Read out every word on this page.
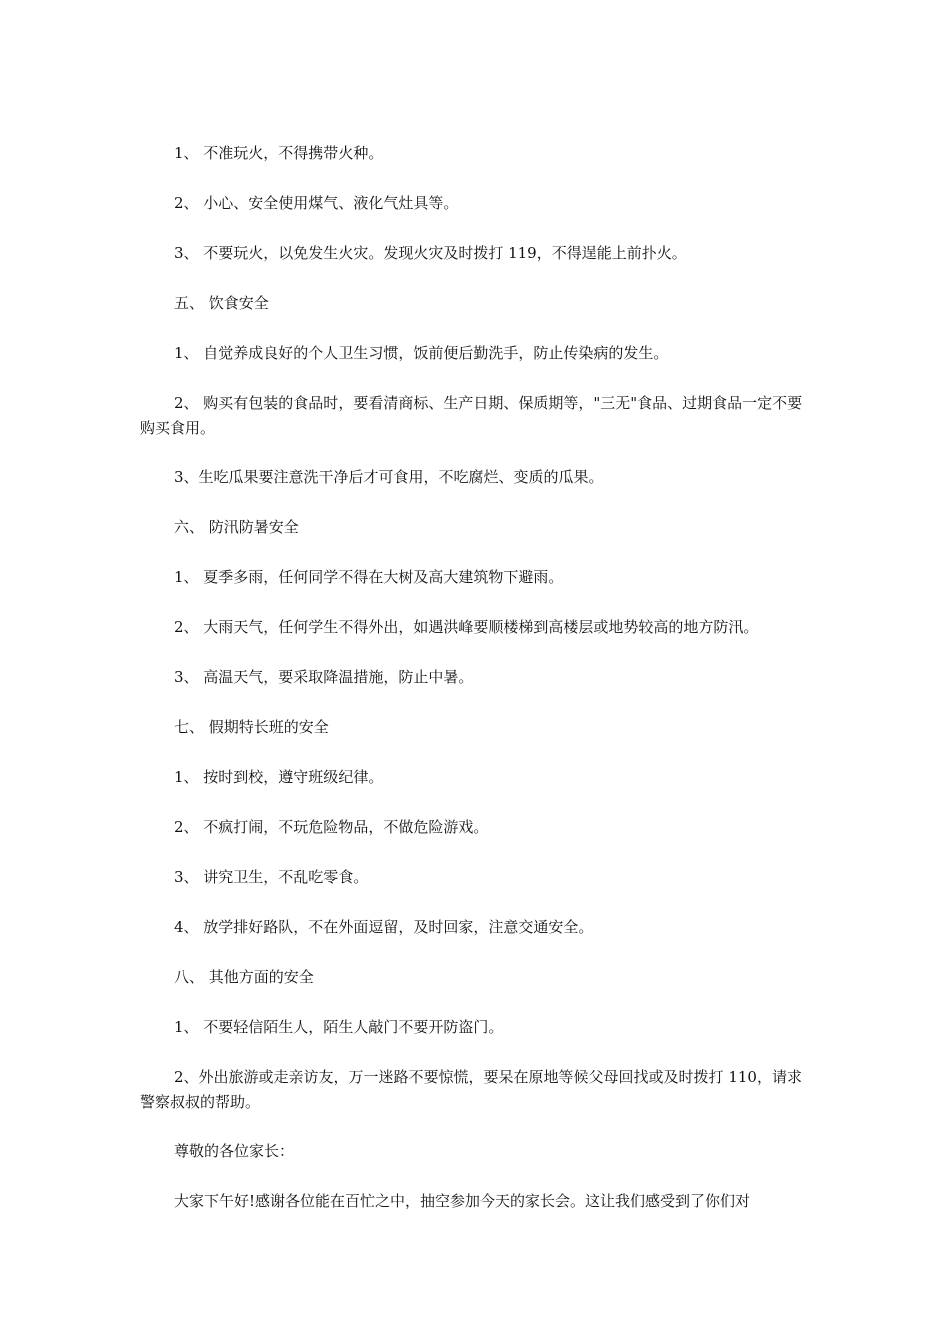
1、 不准玩火，不得携带火种。

2、 小心、安全使用煤气、液化气灶具等。

3、 不要玩火，以免发生火灾。发现火灾及时拨打 119，不得逞能上前扑火。

五、 饮食安全

1、 自觉养成良好的个人卫生习惯，饭前便后勤洗手，防止传染病的发生。

2、 购买有包装的食品时，要看清商标、生产日期、保质期等，"三无"食品、过期食品一定不要购买食用。

3、生吃瓜果要注意洗干净后才可食用，不吃腐烂、变质的瓜果。

六、 防汛防暑安全

1、 夏季多雨，任何同学不得在大树及高大建筑物下避雨。

2、 大雨天气，任何学生不得外出，如遇洪峰要顺楼梯到高楼层或地势较高的地方防汛。

3、 高温天气，要采取降温措施，防止中暑。

七、 假期特长班的安全

1、 按时到校，遵守班级纪律。

2、 不疯打闹，不玩危险物品，不做危险游戏。

3、 讲究卫生，不乱吃零食。

4、 放学排好路队，不在外面逗留，及时回家，注意交通安全。

八、 其他方面的安全

1、 不要轻信陌生人，陌生人敲门不要开防盗门。

2、外出旅游或走亲访友，万一迷路不要惊慌，要呆在原地等候父母回找或及时拨打 110，请求警察叔叔的帮助。

尊敬的各位家长：

大家下午好!感谢各位能在百忙之中，抽空参加今天的家长会。这让我们感受到了你们对
